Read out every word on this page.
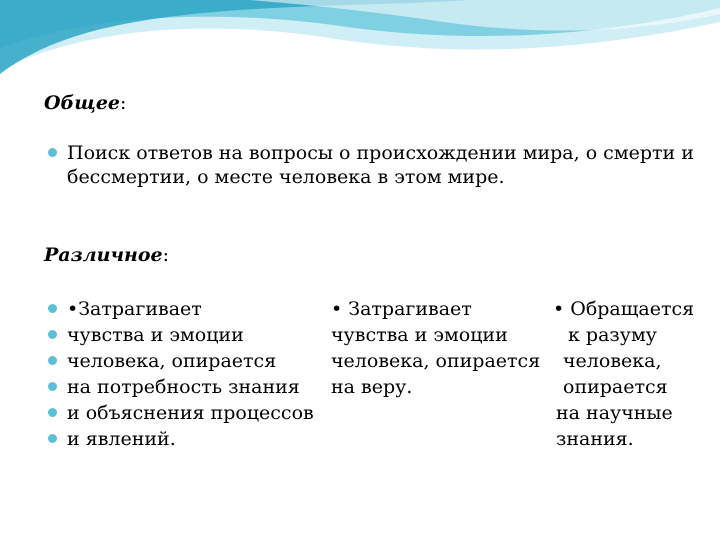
Общее:
Поиск ответов на вопросы о происхождении мира, о смерти и
бессмертии, о месте человека в этом мире.
Различное:
•Затрагивает
чувства и эмоции
человека, опирается
на потребность знания
и объяснения процессов
и явлений.
• Затрагивает
чувства и эмоции
человека, опирается
на веру.
• Обращается
к разуму
человека,
опирается
на научные
знания.
